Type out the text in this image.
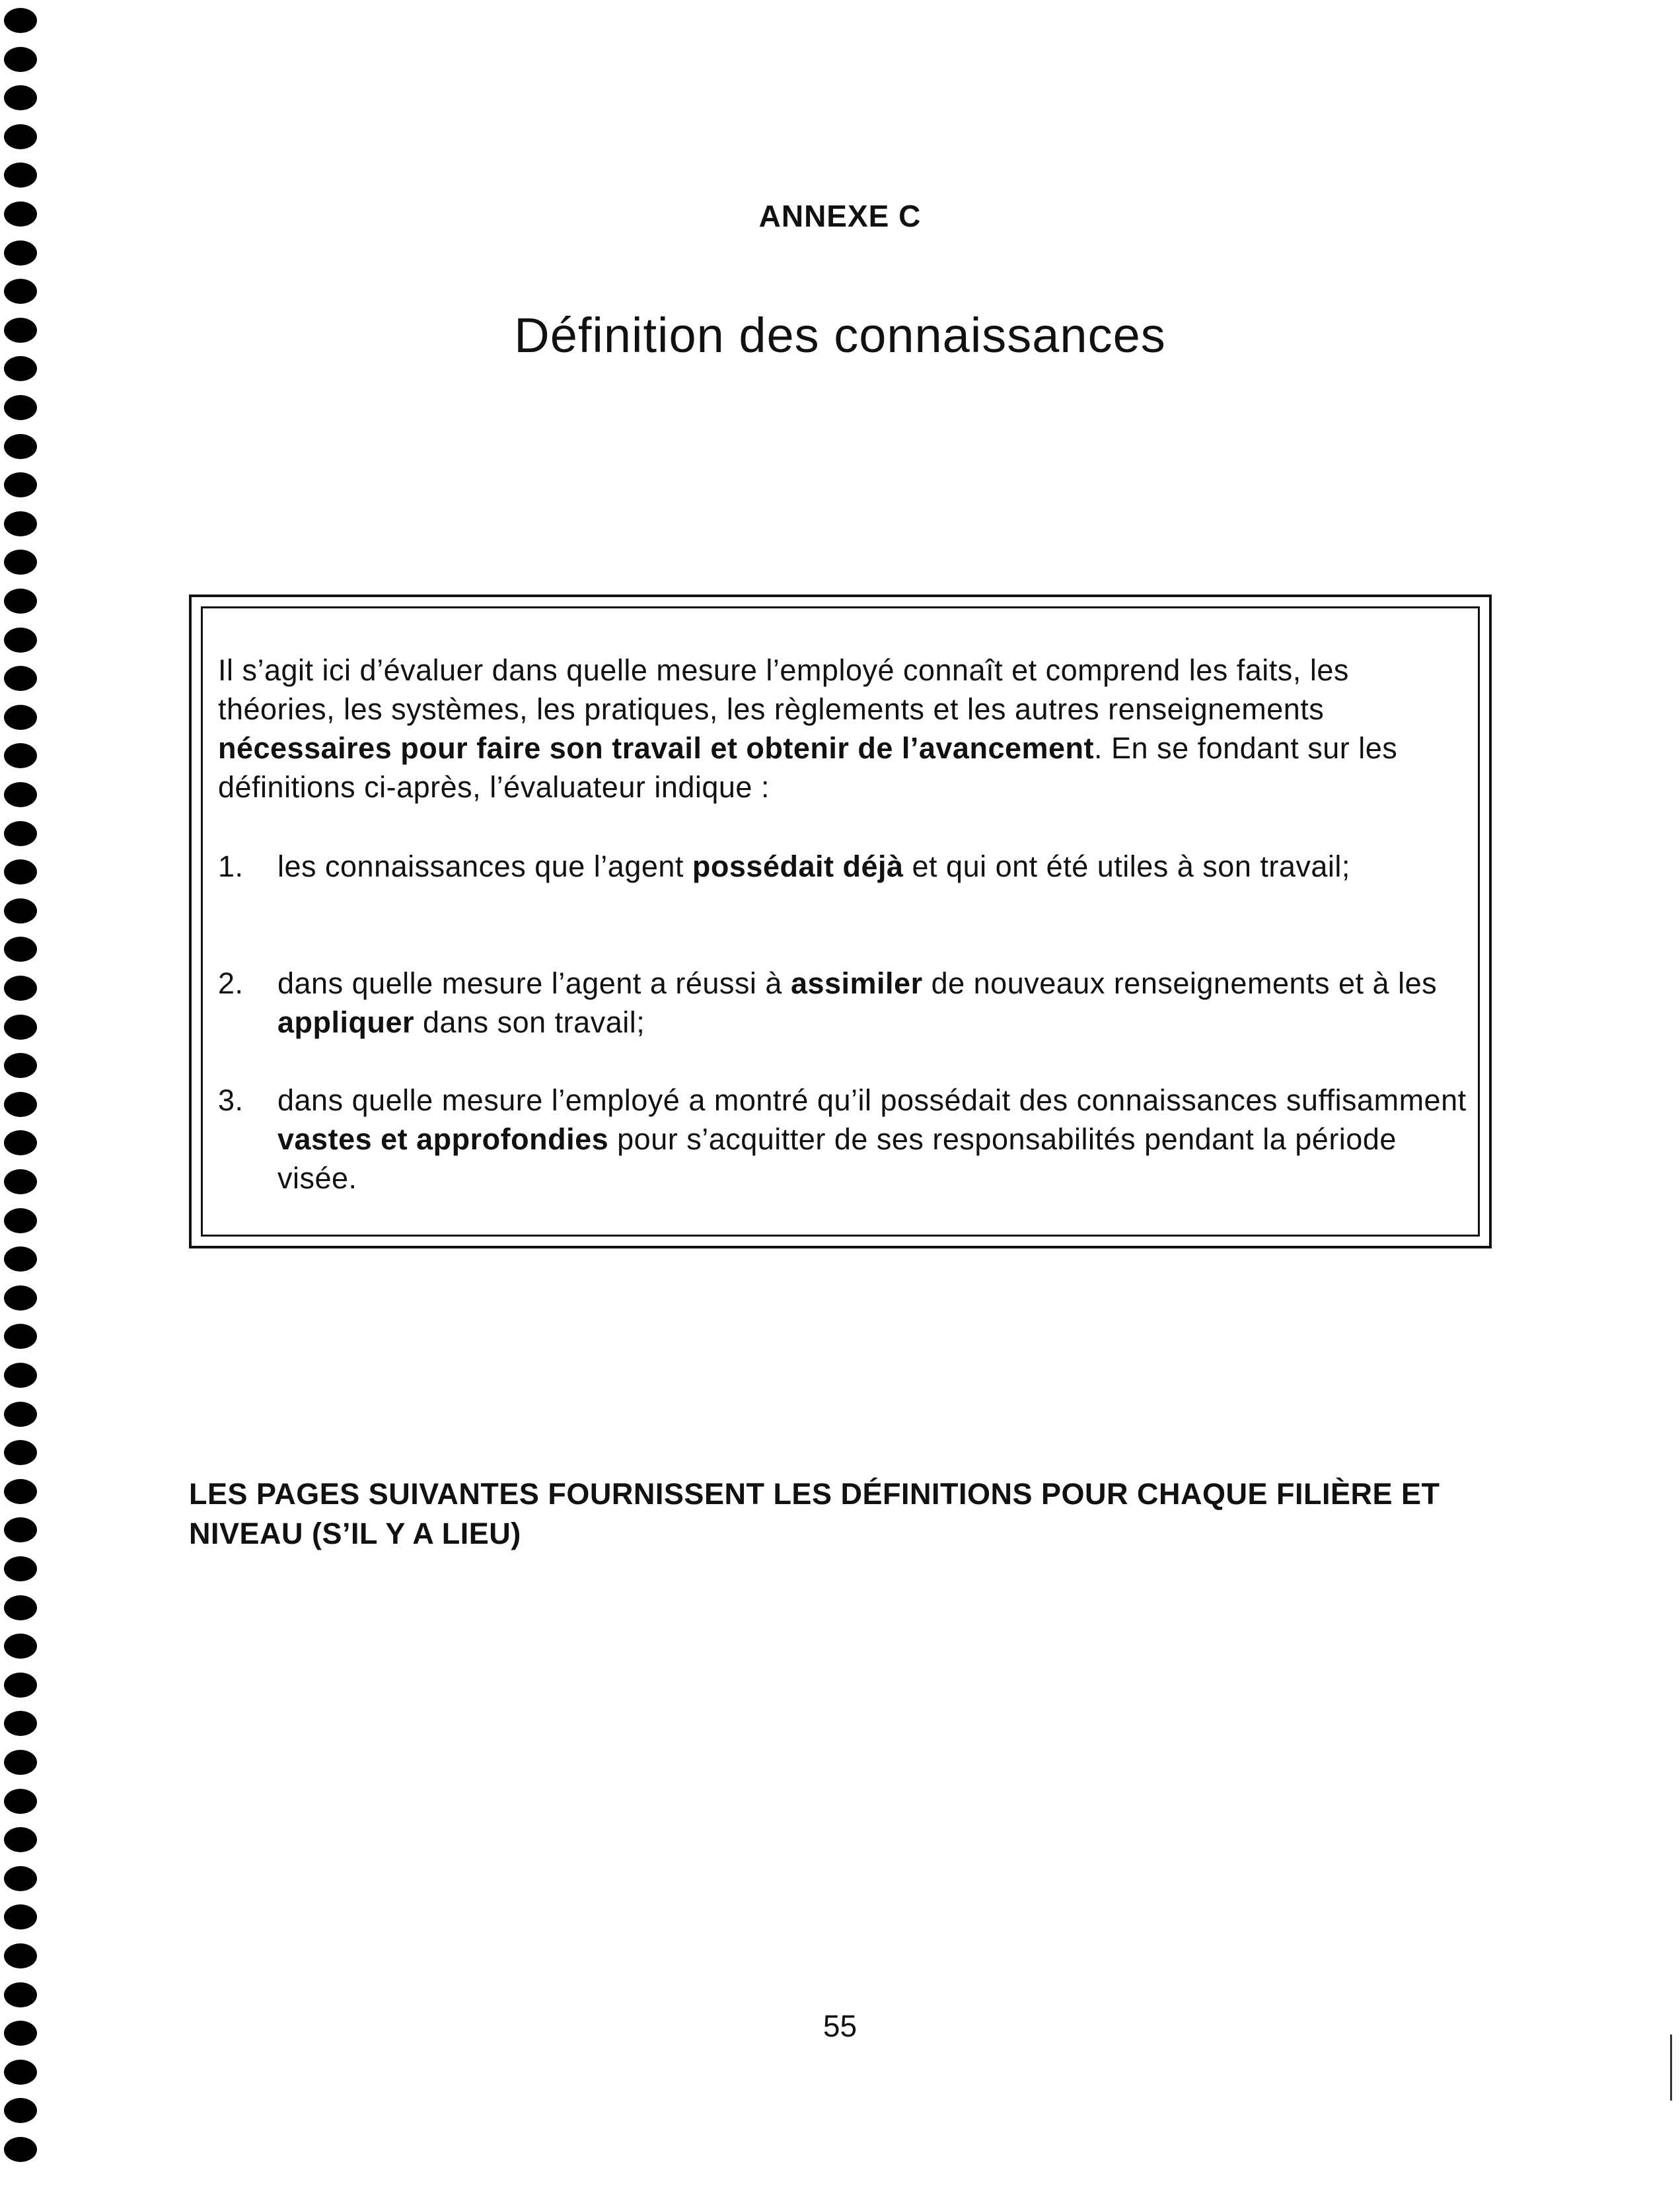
ANNEXE C
Définition des connaissances

Il s’agit ici d’évaluer dans quelle mesure l’employé connaît et comprend les faits, les théories, les systèmes, les pratiques, les règlements et les autres renseignements nécessaires pour faire son travail et obtenir de l’avancement. En se fondant sur les définitions ci-après, l’évaluateur indique :

1.	les connaissances que l’agent possédait déjà et qui ont été utiles à son travail;

2.	dans quelle mesure l’agent a réussi à assimiler de nouveaux renseignements et à les appliquer dans son travail;

3.	dans quelle mesure l’employé a montré qu’il possédait des connaissances suffisamment vastes et approfondies pour s’acquitter de ses responsabilités pendant la période visée.

LES PAGES SUIVANTES FOURNISSENT LES DÉFINITIONS POUR CHAQUE FILIÈRE ET NIVEAU (S’IL Y A LIEU)
55
